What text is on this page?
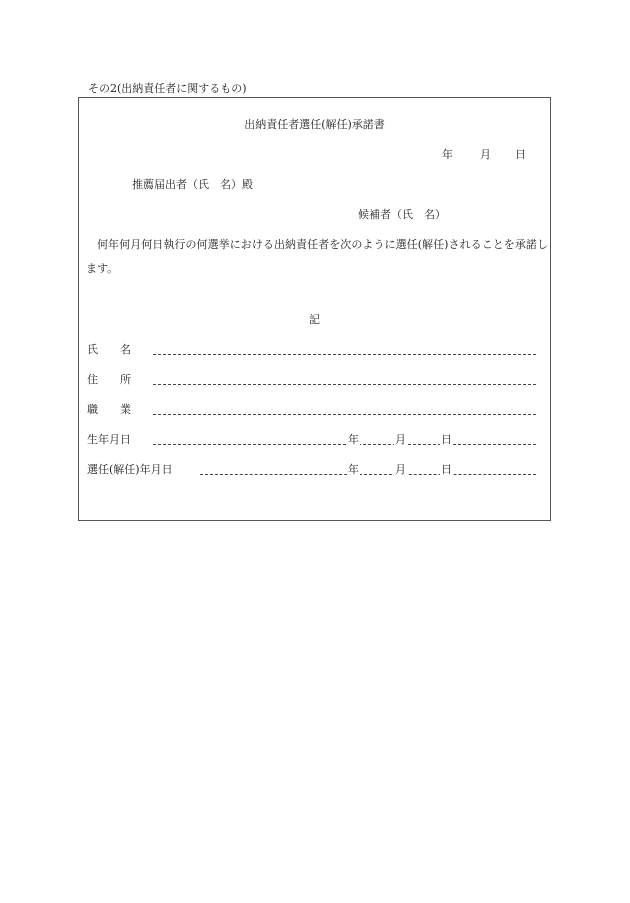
その2(出納責任者に関するもの)
出納責任者選任(解任)承諾書
年 月 日
推薦届出者（氏　名）殿
候補者（氏　名）
何年何月何日執行の何選挙における出納責任者を次のように選任(解任)されることを承諾します。
記
氏　　名
住　　所
職　　業
生年月日	年	月	日
選任(解任)年月日	年	月	日
